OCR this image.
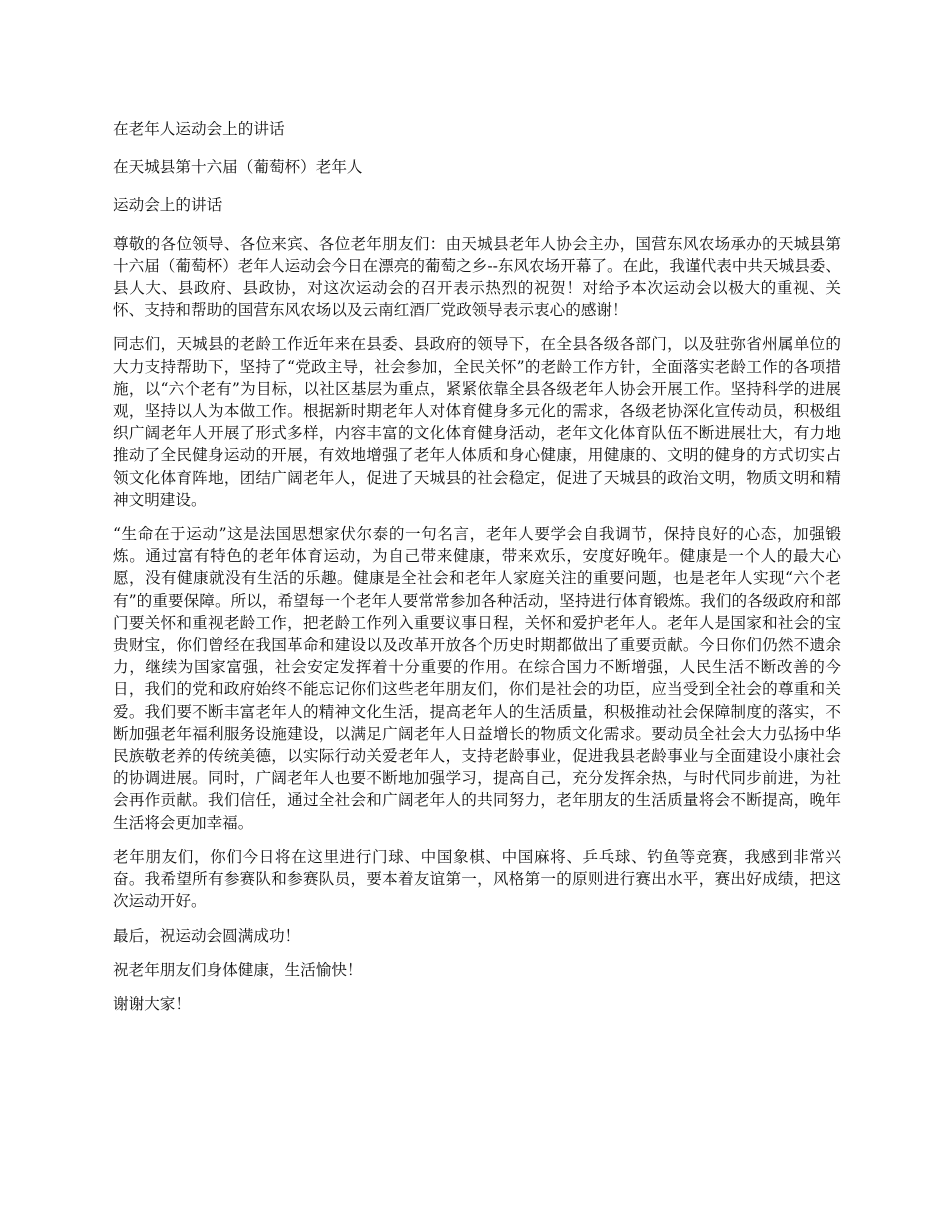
在老年人运动会上的讲话

在天城县第十六届（葡萄杯）老年人

运动会上的讲话

尊敬的各位领导、各位来宾、各位老年朋友们：由天城县老年人协会主办，国营东风农场承办的天城县第十六届（葡萄杯）老年人运动会今日在漂亮的葡萄之乡--东风农场开幕了。在此，我谨代表中共天城县委、县人大、县政府、县政协，对这次运动会的召开表示热烈的祝贺！对给予本次运动会以极大的重视、关怀、支持和帮助的国营东风农场以及云南红酒厂党政领导表示衷心的感谢！

同志们，天城县的老龄工作近年来在县委、县政府的领导下，在全县各级各部门，以及驻弥省州属单位的大力支持帮助下，坚持了“党政主导，社会参加，全民关怀”的老龄工作方针，全面落实老龄工作的各项措施，以“六个老有”为目标，以社区基层为重点，紧紧依靠全县各级老年人协会开展工作。坚持科学的进展观，坚持以人为本做工作。根据新时期老年人对体育健身多元化的需求，各级老协深化宣传动员，积极组织广阔老年人开展了形式多样，内容丰富的文化体育健身活动，老年文化体育队伍不断进展壮大，有力地推动了全民健身运动的开展，有效地增强了老年人体质和身心健康，用健康的、文明的健身的方式切实占领文化体育阵地，团结广阔老年人，促进了天城县的社会稳定，促进了天城县的政治文明，物质文明和精神文明建设。

“生命在于运动”这是法国思想家伏尔泰的一句名言，老年人要学会自我调节，保持良好的心态，加强锻炼。通过富有特色的老年体育运动，为自己带来健康，带来欢乐，安度好晚年。健康是一个人的最大心愿，没有健康就没有生活的乐趣。健康是全社会和老年人家庭关注的重要问题，也是老年人实现“六个老有”的重要保障。所以，希望每一个老年人要常常参加各种活动，坚持进行体育锻炼。我们的各级政府和部门要关怀和重视老龄工作，把老龄工作列入重要议事日程，关怀和爱护老年人。老年人是国家和社会的宝贵财宝，你们曾经在我国革命和建设以及改革开放各个历史时期都做出了重要贡献。今日你们仍然不遗余力，继续为国家富强，社会安定发挥着十分重要的作用。在综合国力不断增强，人民生活不断改善的今日，我们的党和政府始终不能忘记你们这些老年朋友们，你们是社会的功臣，应当受到全社会的尊重和关爱。我们要不断丰富老年人的精神文化生活，提高老年人的生活质量，积极推动社会保障制度的落实，不断加强老年福利服务设施建设，以满足广阔老年人日益增长的物质文化需求。要动员全社会大力弘扬中华民族敬老养的传统美德，以实际行动关爱老年人，支持老龄事业，促进我县老龄事业与全面建设小康社会的协调进展。同时，广阔老年人也要不断地加强学习，提高自己，充分发挥余热，与时代同步前进，为社会再作贡献。我们信任，通过全社会和广阔老年人的共同努力，老年朋友的生活质量将会不断提高，晚年生活将会更加幸福。

老年朋友们，你们今日将在这里进行门球、中国象棋、中国麻将、乒乓球、钓鱼等竞赛，我感到非常兴奋。我希望所有参赛队和参赛队员，要本着友谊第一，风格第一的原则进行赛出水平，赛出好成绩，把这次运动开好。

最后，祝运动会圆满成功！

祝老年朋友们身体健康，生活愉快！

谢谢大家！
